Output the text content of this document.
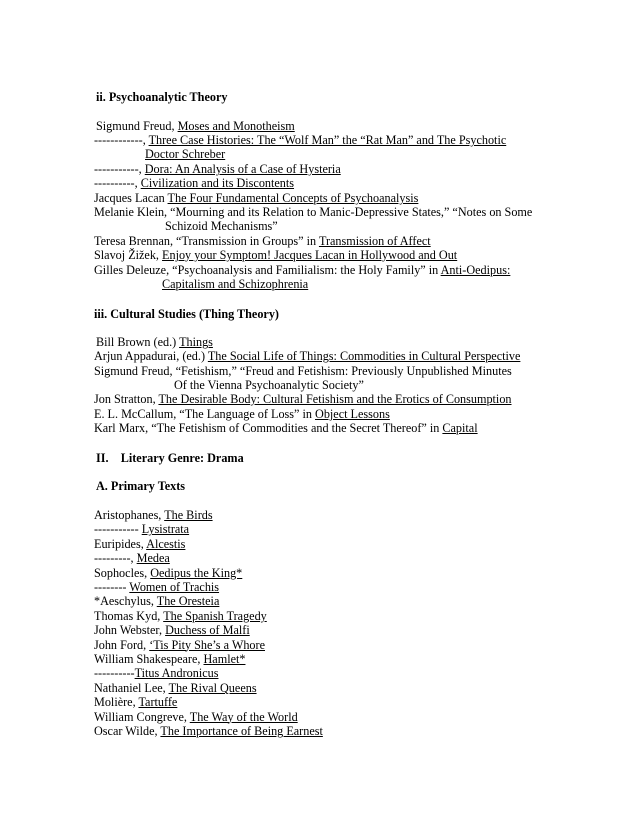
ii. Psychoanalytic Theory

Sigmund Freud, Moses and Monotheism

------------, Three Case Histories: The “Wolf Man” the “Rat Man” and The Psychotic

Doctor Schreber

-----------, Dora: An Analysis of a Case of Hysteria

----------, Civilization and its Discontents

Jacques Lacan The Four Fundamental Concepts of Psychoanalysis

Melanie Klein, “Mourning and its Relation to Manic-Depressive States,” “Notes on Some

Schizoid Mechanisms”

Teresa Brennan, “Transmission in Groups” in Transmission of Affect

Slavoj Žižek, Enjoy your Symptom! Jacques Lacan in Hollywood and Out

Gilles Deleuze, “Psychoanalysis and Familialism: the Holy Family” in Anti-Oedipus:

Capitalism and Schizophrenia

iii. Cultural Studies (Thing Theory)

Bill Brown (ed.) Things

Arjun Appadurai, (ed.) The Social Life of Things: Commodities in Cultural Perspective

Sigmund Freud, “Fetishism,” “Freud and Fetishism: Previously Unpublished Minutes

Of the Vienna Psychoanalytic Society”

Jon Stratton, The Desirable Body: Cultural Fetishism and the Erotics of Consumption

E. L. McCallum, “The Language of Loss” in Object Lessons

Karl Marx, “The Fetishism of Commodities and the Secret Thereof” in Capital

II.    Literary Genre: Drama

A. Primary Texts

Aristophanes, The Birds

----------- Lysistrata

Euripides, Alcestis

---------, Medea

Sophocles, Oedipus the King*

-------- Women of Trachis

*Aeschylus, The Oresteia

Thomas Kyd, The Spanish Tragedy

John Webster, Duchess of Malfi

John Ford, ‘Tis Pity She’s a Whore

William Shakespeare, Hamlet*

----------Titus Andronicus

Nathaniel Lee, The Rival Queens

Molière, Tartuffe

William Congreve, The Way of the World

Oscar Wilde, The Importance of Being Earnest
